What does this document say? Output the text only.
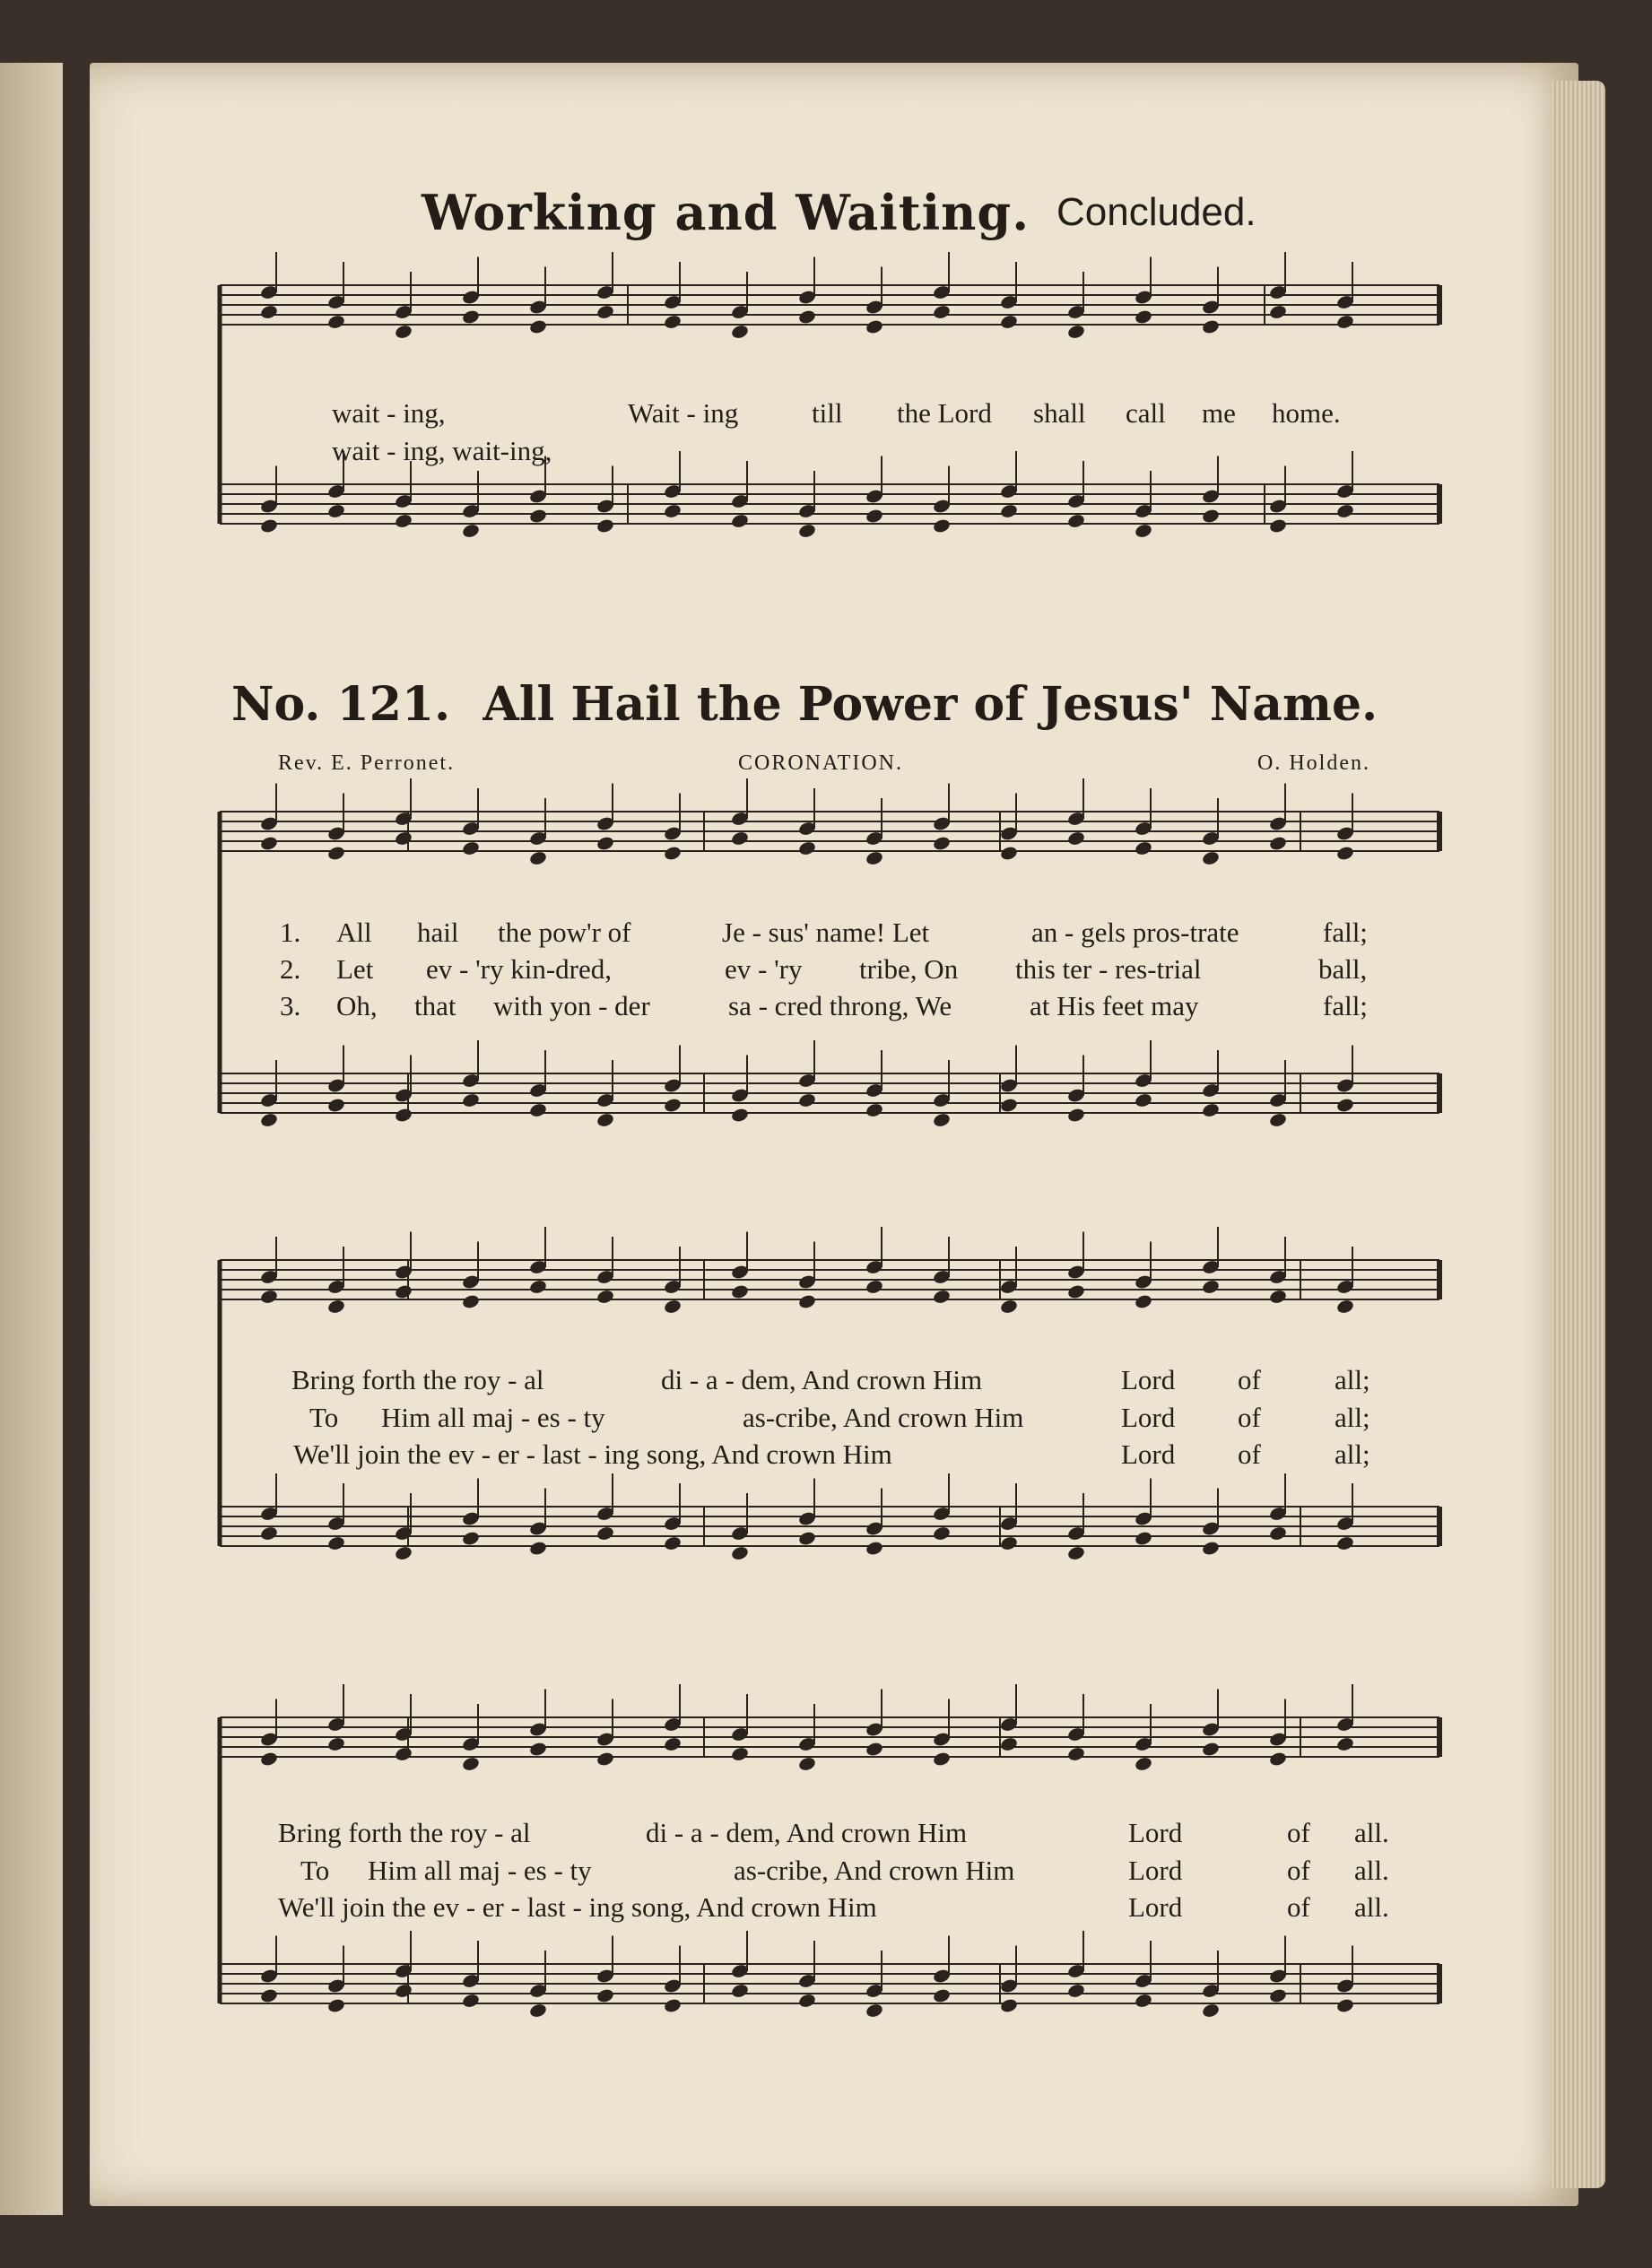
Working and Waiting. Concluded.
wait - ing,	Wait - ing	till the Lord shall call me home.
wait - ing, wait-ing,
No. 121.  All Hail the Power of Jesus' Name.
Rev. E. Perronet.	CORONATION.	O. Holden.
1.
2.
3.
All hail the pow'r of	Je - sus' name! Let	an - gels pros-trate	fall;
Let ev - 'ry kin-dred,	ev - 'ry tribe, On this ter - res-trial	ball,
Oh, that with yon - der	sa - cred throng, We	at His feet may	fall;
Bring forth the roy - al	di - a - dem, And crown Him	Lord of	all;
To Him all maj - es - ty	as-cribe, And crown Him	Lord of	all;
We'll join the ev - er - last - ing song, And crown Him	Lord of	all;
Bring forth the roy - al	di - a - dem, And crown Him	Lord	of all.
To Him all maj - es - ty	as-cribe, And crown Him	Lord	of all.
We'll join the ev - er - last - ing song, And crown Him	Lord	of all.
